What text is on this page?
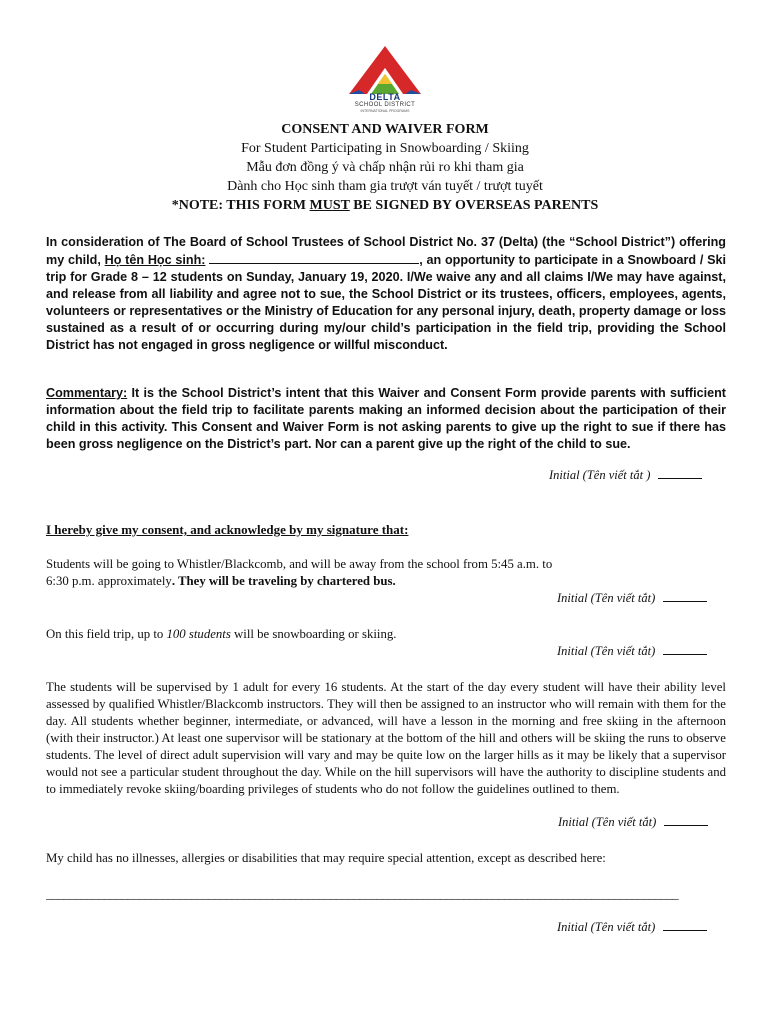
DELTA
SCHOOL DISTRICT
INTERNATIONAL PROGRAMS
CONSENT AND WAIVER FORM
For Student Participating in Snowboarding / Skiing
Mẫu đơn đồng ý và chấp nhận rủi ro khi tham gia
Dành cho Học sinh tham gia trượt ván tuyết / trượt tuyết
*NOTE: THIS FORM MUST BE SIGNED BY OVERSEAS PARENTS
In consideration of The Board of School Trustees of School District No. 37 (Delta) (the “School District”) offering my child, Họ tên Học sinh:	, an opportunity to participate in a Snowboard / Ski trip for Grade 8 – 12 students on Sunday, January 19, 2020. I/We waive any and all claims I/We may have against, and release from all liability and agree not to sue, the School District or its trustees, officers, employees, agents, volunteers or representatives or the Ministry of Education for any personal injury, death, property damage or loss sustained as a result of or occurring during my/our child’s participation in the field trip, providing the School District has not engaged in gross negligence or willful misconduct.
Commentary: It is the School District’s intent that this Waiver and Consent Form provide parents with sufficient information about the field trip to facilitate parents making an informed decision about the participation of their child in this activity. This Consent and Waiver Form is not asking parents to give up the right to sue if there has been gross negligence on the District’s part. Nor can a parent give up the right of the child to sue.
Initial (Tên viết tắt )
I hereby give my consent, and acknowledge by my signature that:
Students will be going to Whistler/Blackcomb, and will be away from the school from 5:45 a.m. to 6:30 p.m. approximately. They will be traveling by chartered bus.
Initial (Tên viết tắt)
On this field trip, up to 100 students will be snowboarding or skiing.
Initial (Tên viết tắt)
The students will be supervised by 1 adult for every 16 students. At the start of the day every student will have their ability level assessed by qualified Whistler/Blackcomb instructors. They will then be assigned to an instructor who will remain with them for the day. All students whether beginner, intermediate, or advanced, will have a lesson in the morning and free skiing in the afternoon (with their instructor.) At least one supervisor will be stationary at the bottom of the hill and others will be skiing the runs to observe students. The level of direct adult supervision will vary and may be quite low on the larger hills as it may be likely that a supervisor would not see a particular student throughout the day. While on the hill supervisors will have the authority to discipline students and to immediately revoke skiing/boarding privileges of students who do not follow the guidelines outlined to them.
Initial (Tên viết tắt)
My child has no illnesses, allergies or disabilities that may require special attention, except as described here:
_____________________________________________________________________________________________________________
Initial (Tên viết tắt)
